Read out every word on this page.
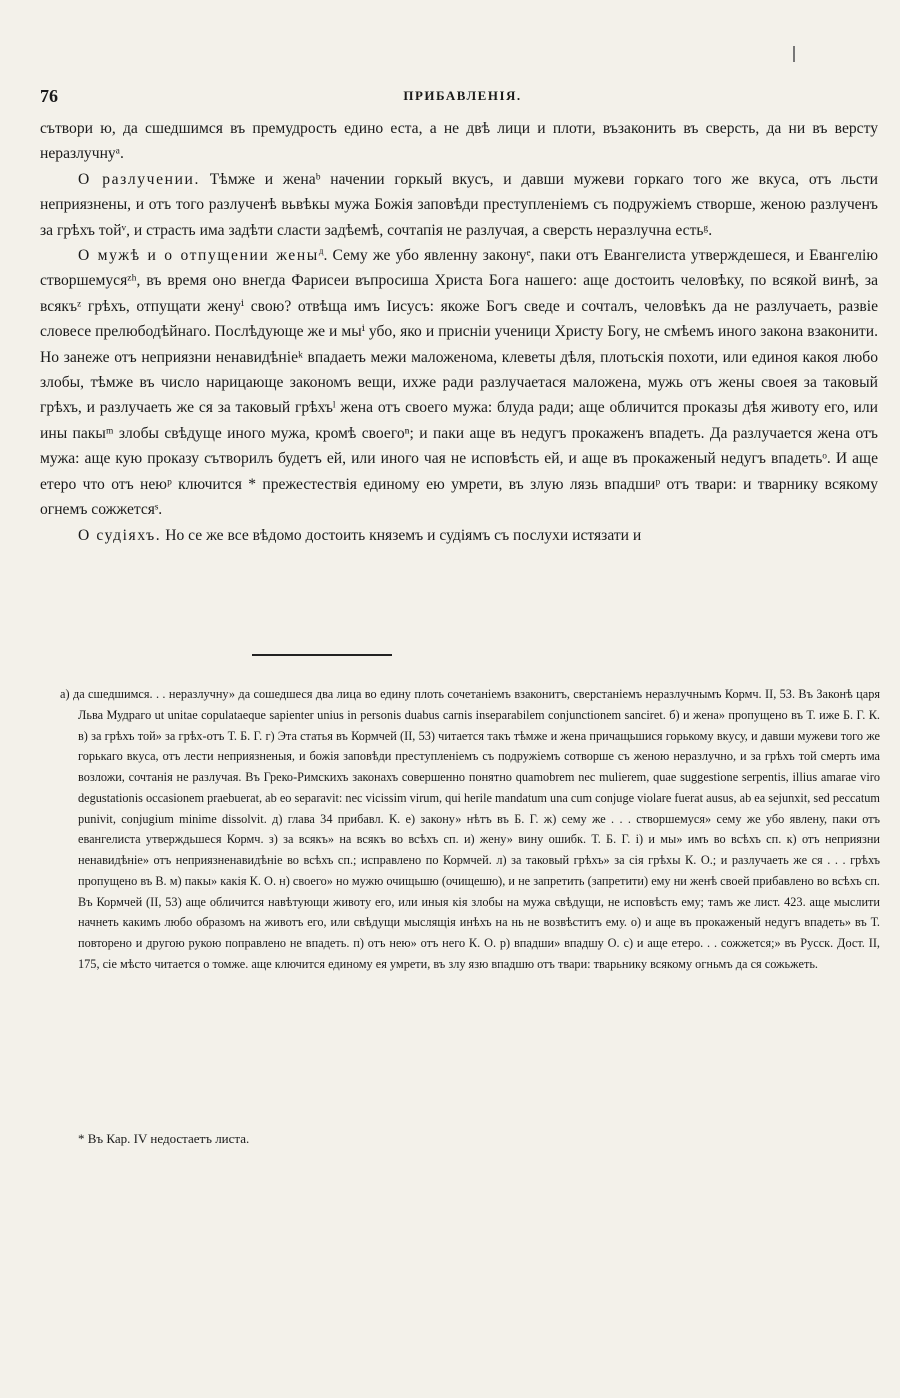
76	ПРИБАВЛЕНІЯ.

сътвори ю, да сшедшимся въ премудрость едино еста, а не двѣ лици и плоти, възаконить въ сверсть, да ни въ версту неразлучнуᵃ.

О разлучении. Тѣмже и женаᵇ начении горкый вкусъ, и давши мужеви горкаго того же вкуса, отъ льсти неприязнены, и отъ того разлученѣ вьвѣкы мужа Божія заповѣди преступленіемъ съ подружіемъ створше, женою разлученъ за грѣхъ тойᵛ, и страсть има задѣти сласти задѣемѣ, сочтапія не разлучая, а сверсть неразлучна естьᵍ.

О мужѣ и о отпущении жены$^д$. Сему же убо явленну законуᵉ, паки отъ Евангелиста утверждешеся, и Евангелію створшемусяᶻʰ, въ время оно внегда Фарисеи въпросиша Христа Бога нашего: аще достоить человѣку, по всякой винѣ, за всякъᶻ грѣхъ, отпущати женуⁱ свою? отвѣща имъ Іисусъ: якоже Богъ сведе и сочталъ, человѣкъ да не разлучаеть, развіе словесе прелюбодѣйнаго. Послѣдующе же и мыⁱ убо, яко и присніи ученици Христу Богу, не смѣемъ иного закона взаконити. Но занеже отъ неприязни ненавидѣніеᵏ впадаеть межи маложеномa, клеветы дѣля, плотьскія похоти, или единоя какоя любо злобы, тѣмже въ число нарицающе закономъ вещи, ихже ради разлучаетася маложена, мужь отъ жены своея за таковый грѣхъ, и разлучаеть же ся за таковый грѣхъˡ жена отъ своего мужа: блуда ради; аще обличится проказы дѣя животу его, или ины пакыᵐ злобы свѣдуще иного мужа, кромѣ своегоⁿ; и паки аще въ недугъ прокаженъ впадеть. Да разлучается жена отъ мужа: аще кую проказу сътворилъ будетъ ей, или иного чая не исповѣсть ей, и аще въ прокаженый недугъ впадетьᵒ. И аще етеро что отъ неюᵖ ключится * прежестествія единому ею умрети, въ злую лязь впадшиᵖ отъ твари: и тварнику всякому огнемъ сожжетсяˢ.

О судіяхъ. Но се же все вѣдомо достоить княземъ и судіямъ съ послухи истязати и

а) да сшедшимся. . . неразлучну» да сошедшеся два лица во едину плоть сочетаніемъ взаконитъ, сверстаніемъ неразлучнымъ Кормч. II, 53. Въ Законѣ царя Льва Мудраго ut unitae copulataeque sapienter unius in personis duabus carnis inseparabilem conjunctionem sanciret. б) и жена» пропущено въ Т. иже Б. Г. К. в) за грѣхъ той» за грѣх-отъ Т. Б. Г. г) Эта статья въ Кормчей (II, 53) читается такъ тѣмже и жена причащьшися горькому вкусу, и давши мужеви того же горькаго вкуса, отъ лести неприязненыя, и божія заповѣди преступленіемъ съ подружіемъ сотворше съ женою неразлучно, и за грѣхъ той смерть има возложи, сочтанія не разлучая. Въ Греко-Римскихъ законахъ совершенно понятно quamobrem nec mulierem, quae suggestione serpentis, illius amarae viro degustationis occasionem praebuerat, ab eo separavit: nec vicissim virum, qui herile mandatum una cum conjuge violare fuerat ausus, ab ea sejunxit, sed peccatum punivit, conjugium minime dissolvit. д) глава 34 прибавл. К. е) закону» нѣтъ въ Б. Г. ж) сему же . . . створшемуся» сему же убо явлену, паки отъ евангелиста утверждьшеся Кормч. з) за всякъ» на всякъ во всѣхъ сп. и) жену» вину ошибк. Т. Б. Г. і) и мы» имъ во всѣхъ сп. к) отъ неприязни ненавидѣніе» отъ неприязненавидѣніе во всѣхъ сп.; исправлено по Кормчей. л) за таковый грѣхъ» за сія грѣхы К. О.; и разлучаеть же ся . . . грѣхъ пропущено въ В. м) пакы» какія К. О. н) своего» но мужю очищьшю (очищешю), и не запретить (запретити) ему ни женѣ своей прибавлено во всѣхъ сп. Въ Кормчей (II, 53) аще обличится навѣтующи животу его, или иныя кія злобы на мужа свѣдущи, не исповѣсть ему; тамъ же лист. 423. аще мыслити начнеть какимъ любо образомъ на животъ его, или свѣдущи мыслящія инѣхъ на нь не возвѣститъ ему. о) и аще въ прокаженый недугъ впадеть» въ Т. повторено и другою рукою поправлено не впадеть. п) отъ нею» отъ него К. О. р) впадши» впадшу О. с) и аще етеро. . . сожжется;» въ Русск. Дост. II, 175, сіе мѣсто читается о томже. аще ключится единому ея умрети, въ злу язю впадшю отъ твари: тварьнику всякому огньмъ да ся сожьжеть.

* Въ Кар. IV недостаетъ листа.
